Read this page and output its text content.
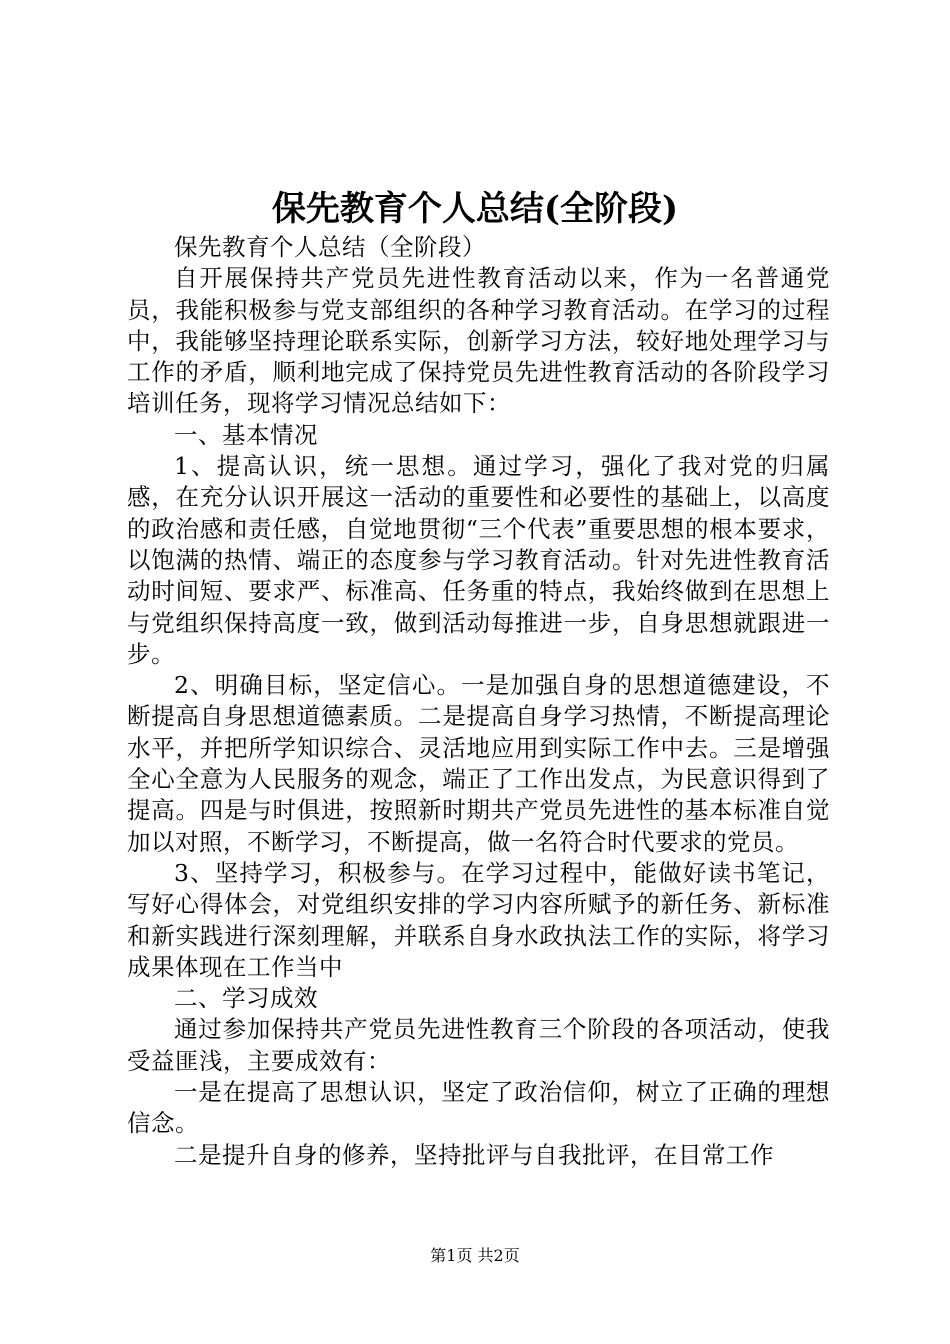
保先教育个人总结(全阶段)

保先教育个人总结（全阶段）

自开展保持共产党员先进性教育活动以来，作为一名普通党员，我能积极参与党支部组织的各种学习教育活动。在学习的过程中，我能够坚持理论联系实际，创新学习方法，较好地处理学习与工作的矛盾，顺利地完成了保持党员先进性教育活动的各阶段学习培训任务，现将学习情况总结如下：

一、基本情况

1、提高认识，统一思想。通过学习，强化了我对党的归属感，在充分认识开展这一活动的重要性和必要性的基础上，以高度的政治感和责任感，自觉地贯彻“三个代表”重要思想的根本要求，以饱满的热情、端正的态度参与学习教育活动。针对先进性教育活动时间短、要求严、标准高、任务重的特点，我始终做到在思想上与党组织保持高度一致，做到活动每推进一步，自身思想就跟进一步。

2、明确目标，坚定信心。一是加强自身的思想道德建设，不断提高自身思想道德素质。二是提高自身学习热情，不断提高理论水平，并把所学知识综合、灵活地应用到实际工作中去。三是增强全心全意为人民服务的观念，端正了工作出发点，为民意识得到了提高。四是与时俱进，按照新时期共产党员先进性的基本标准自觉加以对照，不断学习，不断提高，做一名符合时代要求的党员。

3、坚持学习，积极参与。在学习过程中，能做好读书笔记，写好心得体会，对党组织安排的学习内容所赋予的新任务、新标准和新实践进行深刻理解，并联系自身水政执法工作的实际，将学习成果体现在工作当中

二、学习成效

通过参加保持共产党员先进性教育三个阶段的各项活动，使我受益匪浅，主要成效有：

一是在提高了思想认识，坚定了政治信仰，树立了正确的理想信念。

二是提升自身的修养，坚持批评与自我批评，在目常工作

第1页 共2页
